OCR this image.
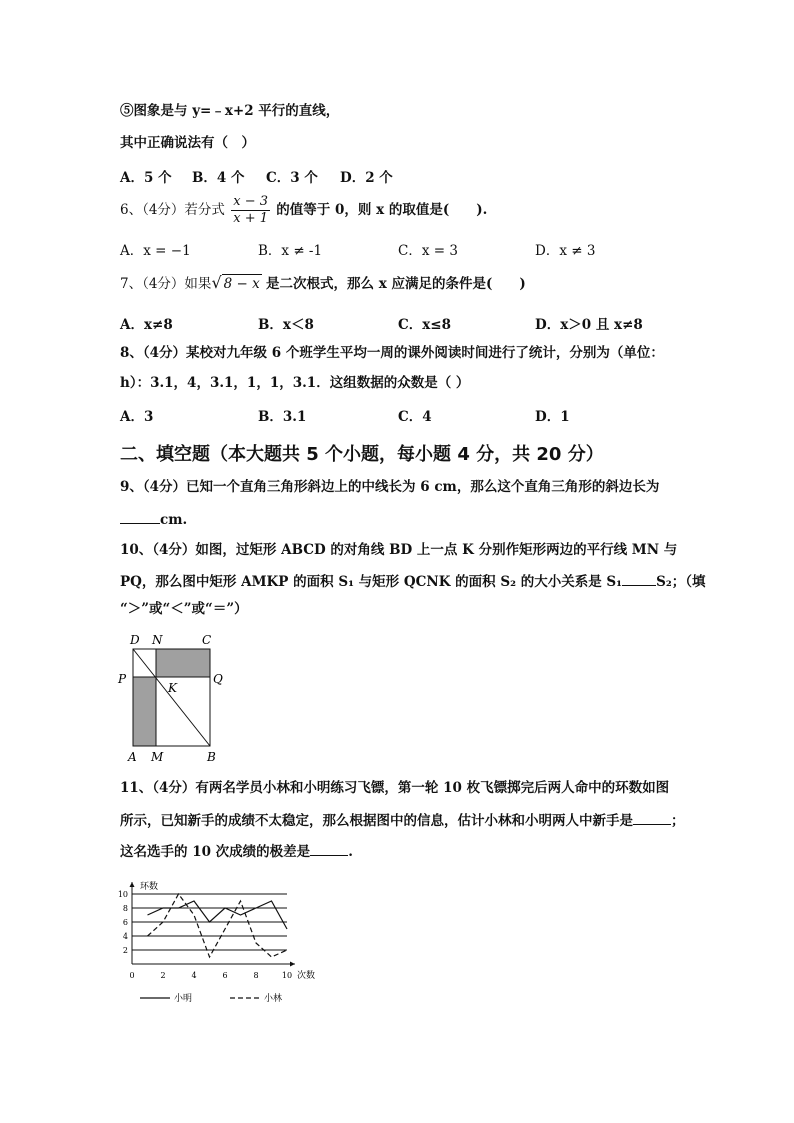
⑤图象是与 y=﹣x+2 平行的直线，
其中正确说法有（　）
A．5 个 B．4 个 C．3 个 D．2 个
6、（4分）若分式 $\frac{x - 3}{x + 1}$ 的值等于 0，则 x 的取值是(　　).
A．x = −1	B．x ≠ -1	C．x = 3	D．x ≠ 3
7、（4分）如果√ 8 − x 是二次根式，那么 x 应满足的条件是(　　)
A．x≠8	B．x＜8	C．x≤8	D．x＞0 且 x≠8
8、（4分）某校对九年级 6 个班学生平均一周的课外阅读时间进行了统计，分别为（单位：
h）：3.1，4，3.1，1，1，3.1．这组数据的众数是（ ）
A．3	B．3.1	C．4	D．1
二、填空题（本大题共 5 个小题，每小题 4 分，共 20 分）
9、（4分）已知一个直角三角形斜边上的中线长为 6 cm，那么这个直角三角形的斜边长为
cm.
10、（4分）如图，过矩形 ABCD 的对角线 BD 上一点 K 分别作矩形两边的平行线 MN 与
PQ，那么图中矩形 AMKP 的面积 S₁ 与矩形 QCNK 的面积 S₂ 的大小关系是 S₁	S₂；（填
“＞”或“＜”或“＝”）
D N	C
P
K
Q
A M	B
11、（4分）有两名学员小林和小明练习飞镖，第一轮 10 枚飞镖掷完后两人命中的环数如图
所示，已知新手的成绩不太稳定，那么根据图中的信息，估计小林和小明两人中新手是	；
这名选手的 10 次成绩的极差是	.
2
4
6
8
10
0	2	4	6	8	10
环数
次数
小明	小林
